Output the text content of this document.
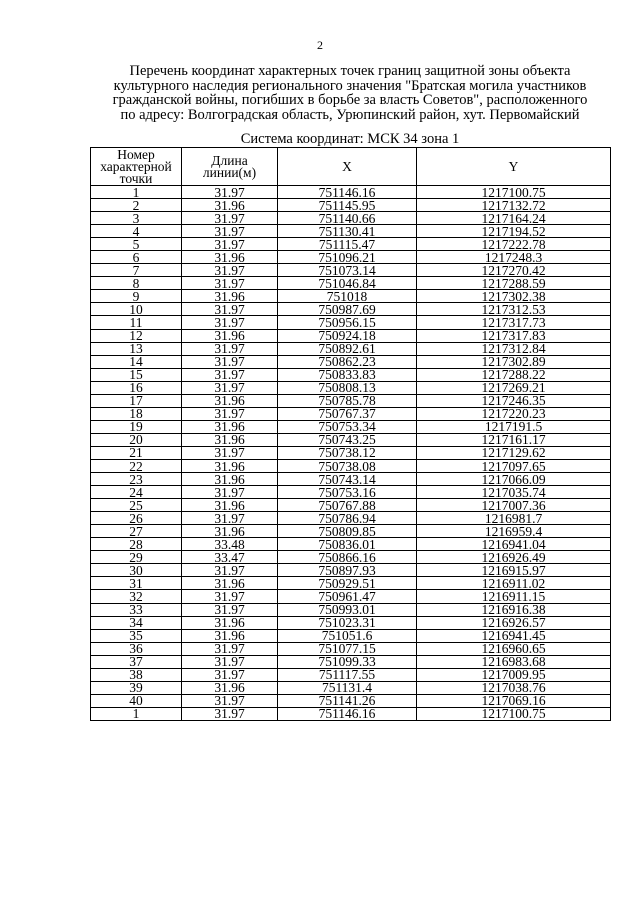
2
Перечень координат характерных точек границ защитной зоны объекта
культурного наследия регионального значения "Братская могила участников
гражданской войны, погибших в борьбе за власть Советов", расположенного
по адресу: Волгоградская область, Урюпинский район, хут. Первомайский
Система координат: МСК 34 зона 1
Номер характерной точки	Длина линии(м)	X	Y
1	31.97	751146.16	1217100.75
2	31.96	751145.95	1217132.72
3	31.97	751140.66	1217164.24
4	31.97	751130.41	1217194.52
5	31.97	751115.47	1217222.78
6	31.96	751096.21	1217248.3
7	31.97	751073.14	1217270.42
8	31.97	751046.84	1217288.59
9	31.96	751018	1217302.38
10	31.97	750987.69	1217312.53
11	31.97	750956.15	1217317.73
12	31.96	750924.18	1217317.83
13	31.97	750892.61	1217312.84
14	31.97	750862.23	1217302.89
15	31.97	750833.83	1217288.22
16	31.97	750808.13	1217269.21
17	31.96	750785.78	1217246.35
18	31.97	750767.37	1217220.23
19	31.96	750753.34	1217191.5
20	31.96	750743.25	1217161.17
21	31.97	750738.12	1217129.62
22	31.96	750738.08	1217097.65
23	31.96	750743.14	1217066.09
24	31.97	750753.16	1217035.74
25	31.96	750767.88	1217007.36
26	31.97	750786.94	1216981.7
27	31.96	750809.85	1216959.4
28	33.48	750836.01	1216941.04
29	33.47	750866.16	1216926.49
30	31.97	750897.93	1216915.97
31	31.96	750929.51	1216911.02
32	31.97	750961.47	1216911.15
33	31.97	750993.01	1216916.38
34	31.96	751023.31	1216926.57
35	31.96	751051.6	1216941.45
36	31.97	751077.15	1216960.65
37	31.97	751099.33	1216983.68
38	31.97	751117.55	1217009.95
39	31.96	751131.4	1217038.76
40	31.97	751141.26	1217069.16
1	31.97	751146.16	1217100.75
